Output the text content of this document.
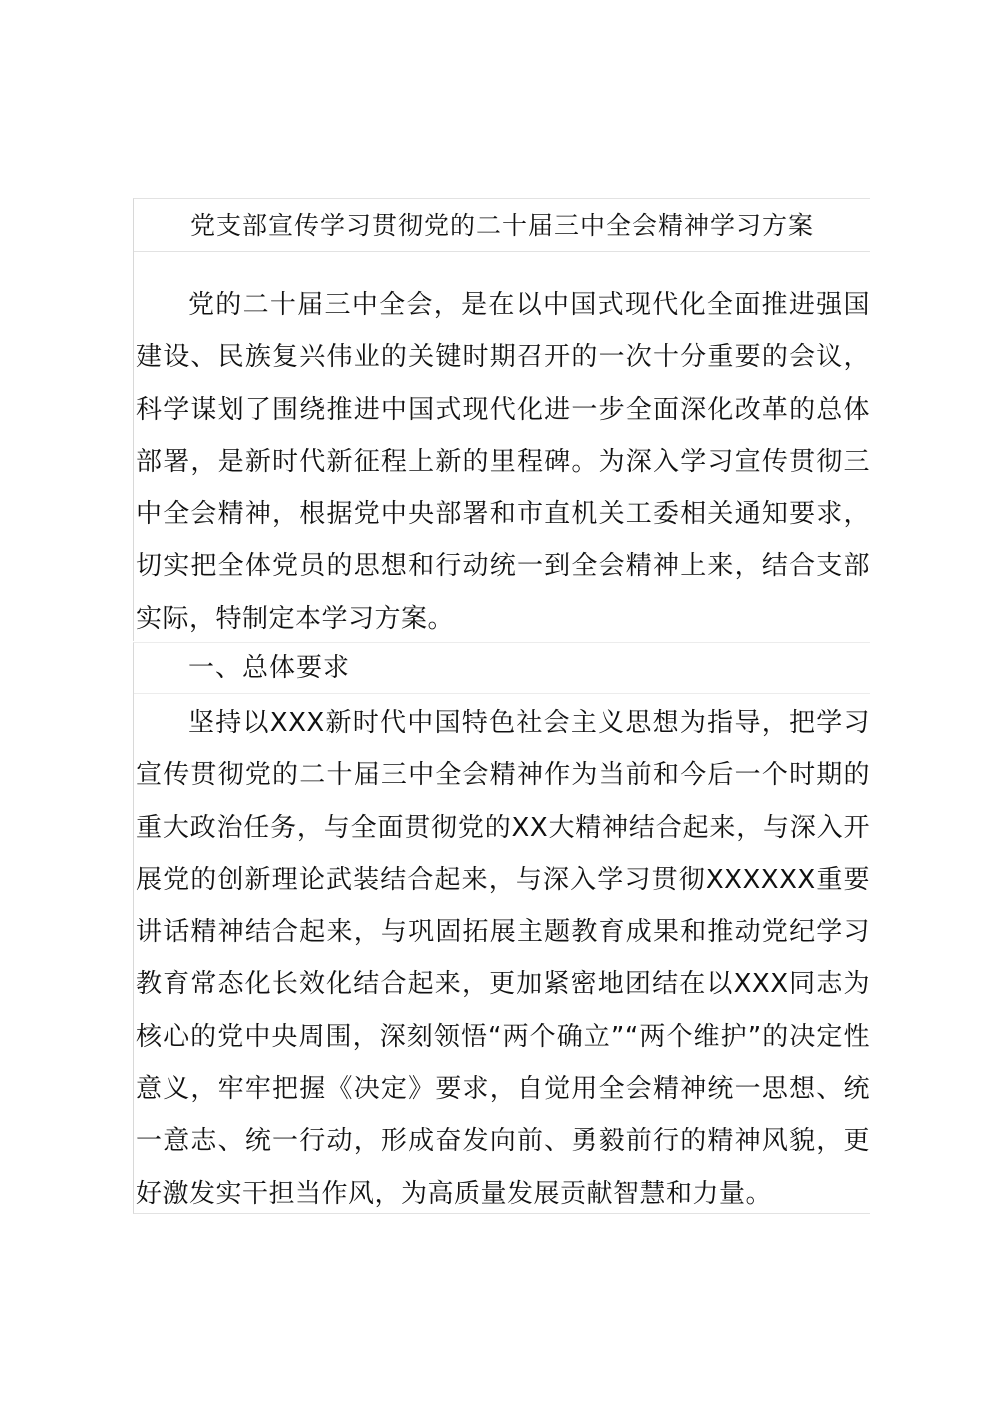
党支部宣传学习贯彻党的二十届三中全会精神学习方案

党的二十届三中全会，是在以中国式现代化全面推进强国建设、民族复兴伟业的关键时期召开的一次十分重要的会议，科学谋划了围绕推进中国式现代化进一步全面深化改革的总体部署，是新时代新征程上新的里程碑。为深入学习宣传贯彻三中全会精神，根据党中央部署和市直机关工委相关通知要求，切实把全体党员的思想和行动统一到全会精神上来，结合支部实际，特制定本学习方案。

一、总体要求

坚持以XXX新时代中国特色社会主义思想为指导，把学习宣传贯彻党的二十届三中全会精神作为当前和今后一个时期的重大政治任务，与全面贯彻党的XX大精神结合起来，与深入开展党的创新理论武装结合起来，与深入学习贯彻XXXXXX重要讲话精神结合起来，与巩固拓展主题教育成果和推动党纪学习教育常态化长效化结合起来，更加紧密地团结在以XXX同志为核心的党中央周围，深刻领悟“两个确立”“两个维护”的决定性意义，牢牢把握《决定》要求，自觉用全会精神统一思想、统一意志、统一行动，形成奋发向前、勇毅前行的精神风貌，更好激发实干担当作风，为高质量发展贡献智慧和力量。
